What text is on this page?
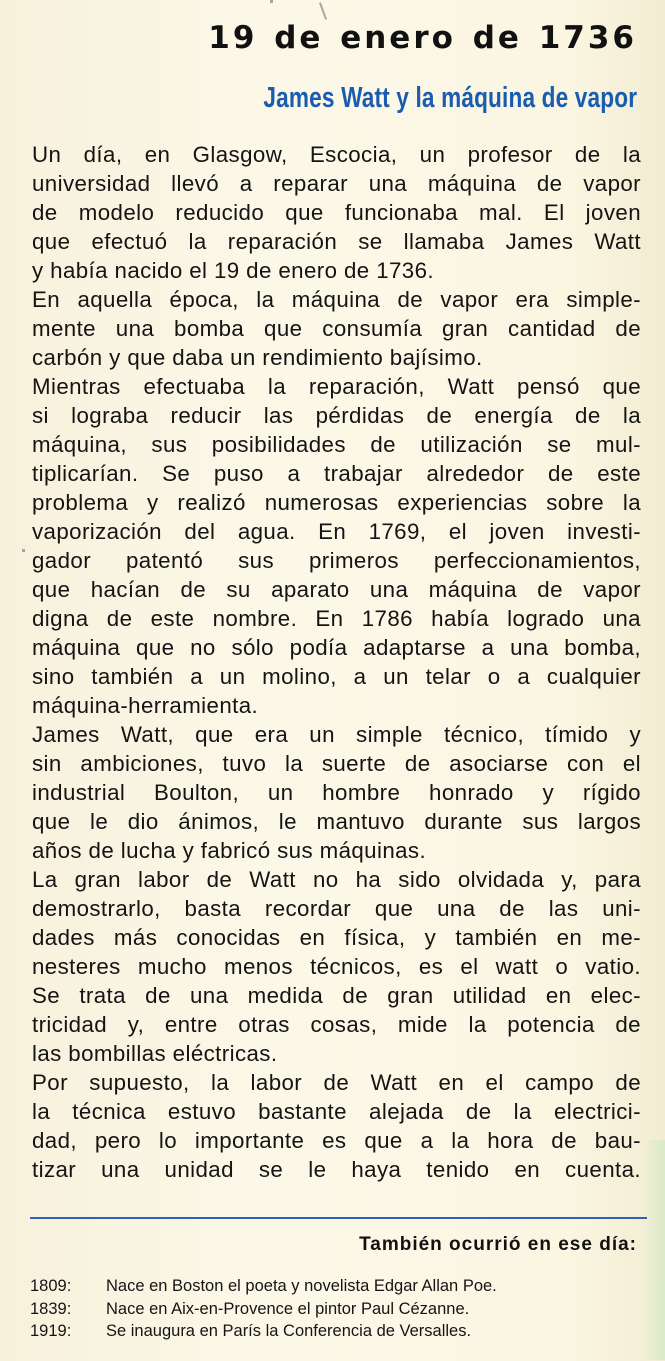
19 de enero de 1736
James Watt y la máquina de vapor
Un día, en Glasgow, Escocia, un profesor de la
universidad llevó a reparar una máquina de vapor
de modelo reducido que funcionaba mal. El joven
que efectuó la reparación se llamaba James Watt
y había nacido el 19 de enero de 1736.
En aquella época, la máquina de vapor era simple-
mente una bomba que consumía gran cantidad de
carbón y que daba un rendimiento bajísimo.
Mientras efectuaba la reparación, Watt pensó que
si lograba reducir las pérdidas de energía de la
máquina, sus posibilidades de utilización se mul-
tiplicarían. Se puso a trabajar alrededor de este
problema y realizó numerosas experiencias sobre la
vaporización del agua. En 1769, el joven investi-
gador patentó sus primeros perfeccionamientos,
que hacían de su aparato una máquina de vapor
digna de este nombre. En 1786 había logrado una
máquina que no sólo podía adaptarse a una bomba,
sino también a un molino, a un telar o a cualquier
máquina-herramienta.
James Watt, que era un simple técnico, tímido y
sin ambiciones, tuvo la suerte de asociarse con el
industrial Boulton, un hombre honrado y rígido
que le dio ánimos, le mantuvo durante sus largos
años de lucha y fabricó sus máquinas.
La gran labor de Watt no ha sido olvidada y, para
demostrarlo, basta recordar que una de las uni-
dades más conocidas en física, y también en me-
nesteres mucho menos técnicos, es el watt o vatio.
Se trata de una medida de gran utilidad en elec-
tricidad y, entre otras cosas, mide la potencia de
las bombillas eléctricas.
Por supuesto, la labor de Watt en el campo de
la técnica estuvo bastante alejada de la electrici-
dad, pero lo importante es que a la hora de bau-
tizar una unidad se le haya tenido en cuenta.
También ocurrió en ese día:
1809:	Nace en Boston el poeta y novelista Edgar Allan Poe.
1839:	Nace en Aix-en-Provence el pintor Paul Cézanne.
1919:	Se inaugura en París la Conferencia de Versalles.
